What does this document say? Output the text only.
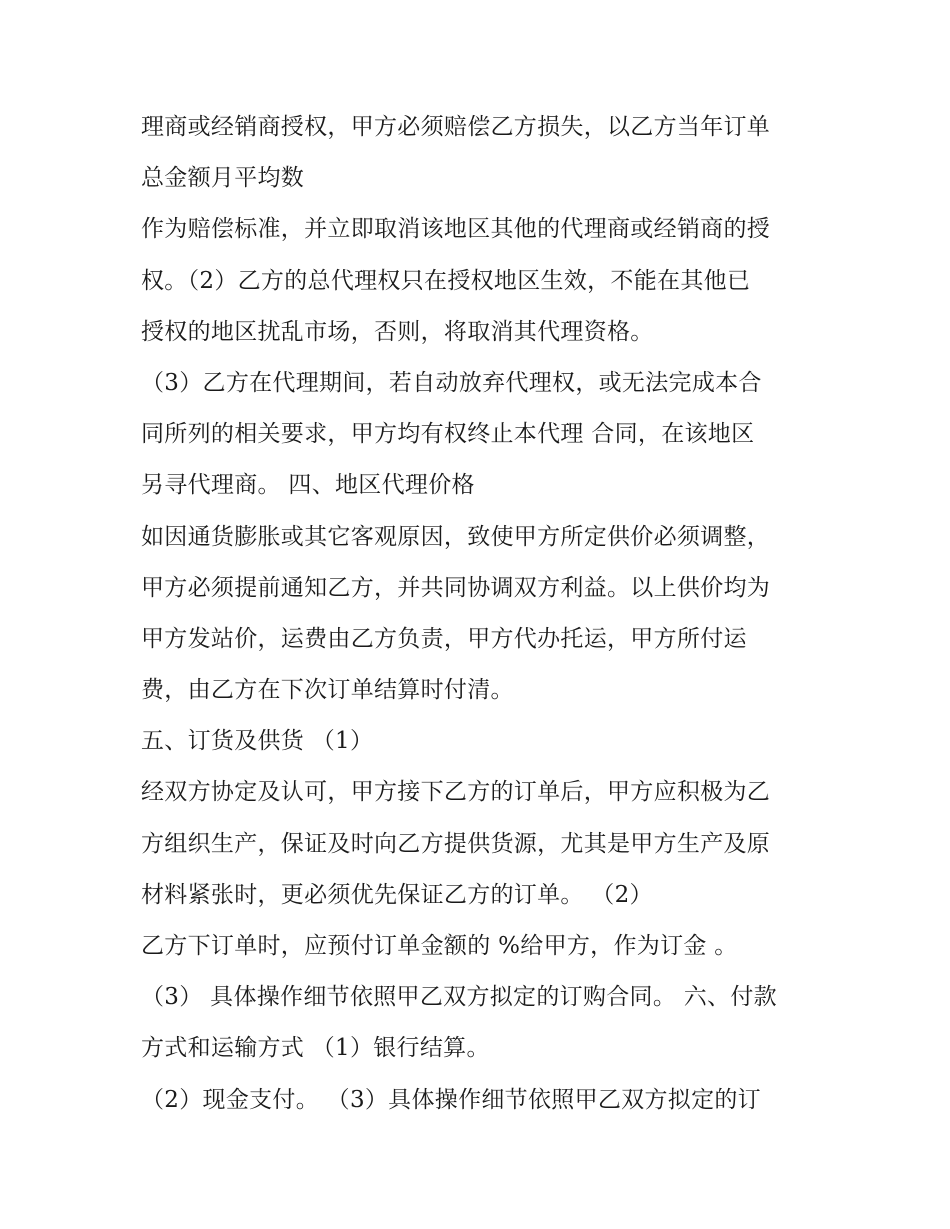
理商或经销商授权，甲方必须赔偿乙方损失，以乙方当年订单
总金额月平均数
作为赔偿标准，并立即取消该地区其他的代理商或经销商的授
权。（2）乙方的总代理权只在授权地区生效，不能在其他已
授权的地区扰乱市场，否则，将取消其代理资格。
（3）乙方在代理期间，若自动放弃代理权，或无法完成本合
同所列的相关要求，甲方均有权终止本代理 合同，在该地区
另寻代理商。 四、地区代理价格
如因通货膨胀或其它客观原因，致使甲方所定供价必须调整，
甲方必须提前通知乙方，并共同协调双方利益。以上供价均为
甲方发站价，运费由乙方负责，甲方代办托运，甲方所付运
费，由乙方在下次订单结算时付清。
五、订货及供货 （1）
经双方协定及认可，甲方接下乙方的订单后，甲方应积极为乙
方组织生产，保证及时向乙方提供货源，尤其是甲方生产及原
材料紧张时，更必须优先保证乙方的订单。 （2）
乙方下订单时，应预付订单金额的 %给甲方，作为订金 。
（3） 具体操作细节依照甲乙双方拟定的订购合同。 六、付款
方式和运输方式 （1）银行结算。
（2）现金支付。 （3）具体操作细节依照甲乙双方拟定的订
